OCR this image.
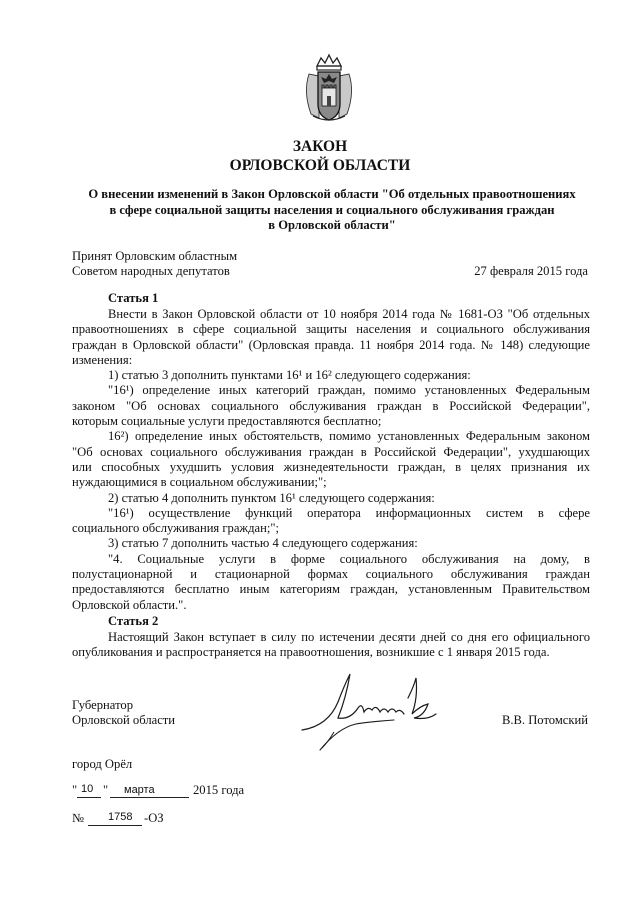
ЗАКОН
ОРЛОВСКОЙ ОБЛАСТИ
О внесении изменений в Закон Орловской области "Об отдельных правоотношениях
в сфере социальной защиты населения и социального обслуживания граждан
в Орловской области"
Принят Орловским областным
Советом народных депутатов	27 февраля 2015 года
Статья 1
Внести в Закон Орловской области от 10 ноября 2014 года № 1681-ОЗ "Об отдельных
правоотношениях в сфере социальной защиты населения и социального обслуживания
граждан в Орловской области" (Орловская правда. 11 ноября 2014 года. № 148) следующие
изменения:
1) статью 3 дополнить пунктами 16¹ и 16² следующего содержания:
"16¹) определение иных категорий граждан, помимо установленных Федеральным
законом "Об основах социального обслуживания граждан в Российской Федерации",
которым социальные услуги предоставляются бесплатно;
16²) определение иных обстоятельств, помимо установленных Федеральным законом
"Об основах социального обслуживания граждан в Российской Федерации", ухудшающих
или способных ухудшить условия жизнедеятельности граждан, в целях признания их
нуждающимися в социальном обслуживании;";
2) статью 4 дополнить пунктом 16¹ следующего содержания:
"16¹) осуществление функций оператора информационных систем в сфере
социального обслуживания граждан;";
3) статью 7 дополнить частью 4 следующего содержания:
"4. Социальные услуги в форме социального обслуживания на дому, в
полустационарной и стационарной формах социального обслуживания граждан
предоставляются бесплатно иным категориям граждан, установленным Правительством
Орловской области.".
Статья 2
Настоящий Закон вступает в силу по истечении десяти дней со дня его официального
опубликования и распространяется на правоотношения, возникшие с 1 января 2015 года.
Губернатор
Орловской области	В.В. Потомский
город Орёл
" 10 " марта	2015 года
№ 1758 -ОЗ
